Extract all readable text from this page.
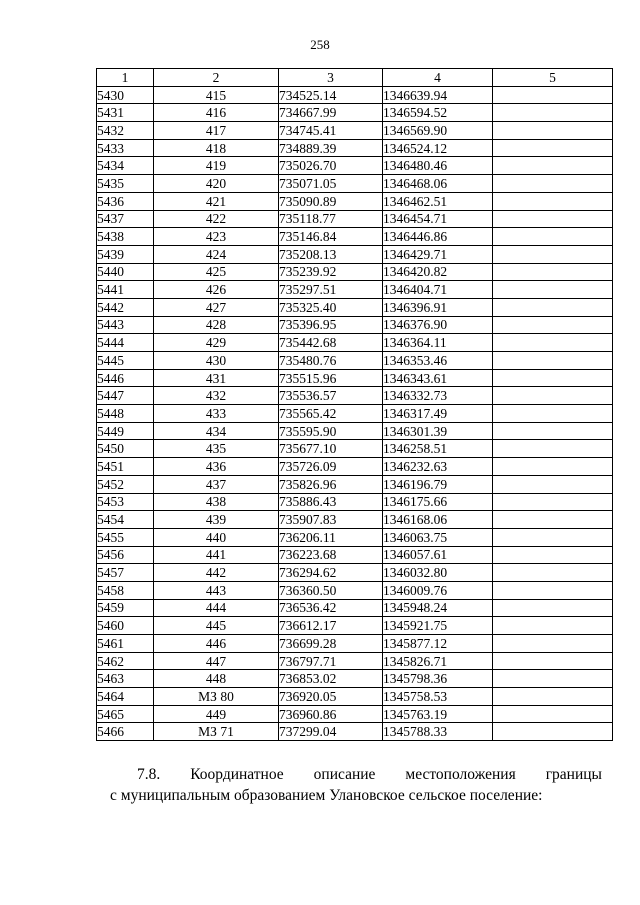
258
1	2	3	4	5
5430	415	734525.14	1346639.94	
5431	416	734667.99	1346594.52	
5432	417	734745.41	1346569.90	
5433	418	734889.39	1346524.12	
5434	419	735026.70	1346480.46	
5435	420	735071.05	1346468.06	
5436	421	735090.89	1346462.51	
5437	422	735118.77	1346454.71	
5438	423	735146.84	1346446.86	
5439	424	735208.13	1346429.71	
5440	425	735239.92	1346420.82	
5441	426	735297.51	1346404.71	
5442	427	735325.40	1346396.91	
5443	428	735396.95	1346376.90	
5444	429	735442.68	1346364.11	
5445	430	735480.76	1346353.46	
5446	431	735515.96	1346343.61	
5447	432	735536.57	1346332.73	
5448	433	735565.42	1346317.49	
5449	434	735595.90	1346301.39	
5450	435	735677.10	1346258.51	
5451	436	735726.09	1346232.63	
5452	437	735826.96	1346196.79	
5453	438	735886.43	1346175.66	
5454	439	735907.83	1346168.06	
5455	440	736206.11	1346063.75	
5456	441	736223.68	1346057.61	
5457	442	736294.62	1346032.80	
5458	443	736360.50	1346009.76	
5459	444	736536.42	1345948.24	
5460	445	736612.17	1345921.75	
5461	446	736699.28	1345877.12	
5462	447	736797.71	1345826.71	
5463	448	736853.02	1345798.36	
5464	МЗ 80	736920.05	1345758.53	
5465	449	736960.86	1345763.19	
5466	МЗ 71	737299.04	1345788.33	
7.8. Координатное описание местоположения границы
с муниципальным образованием Улановское сельское поселение:
